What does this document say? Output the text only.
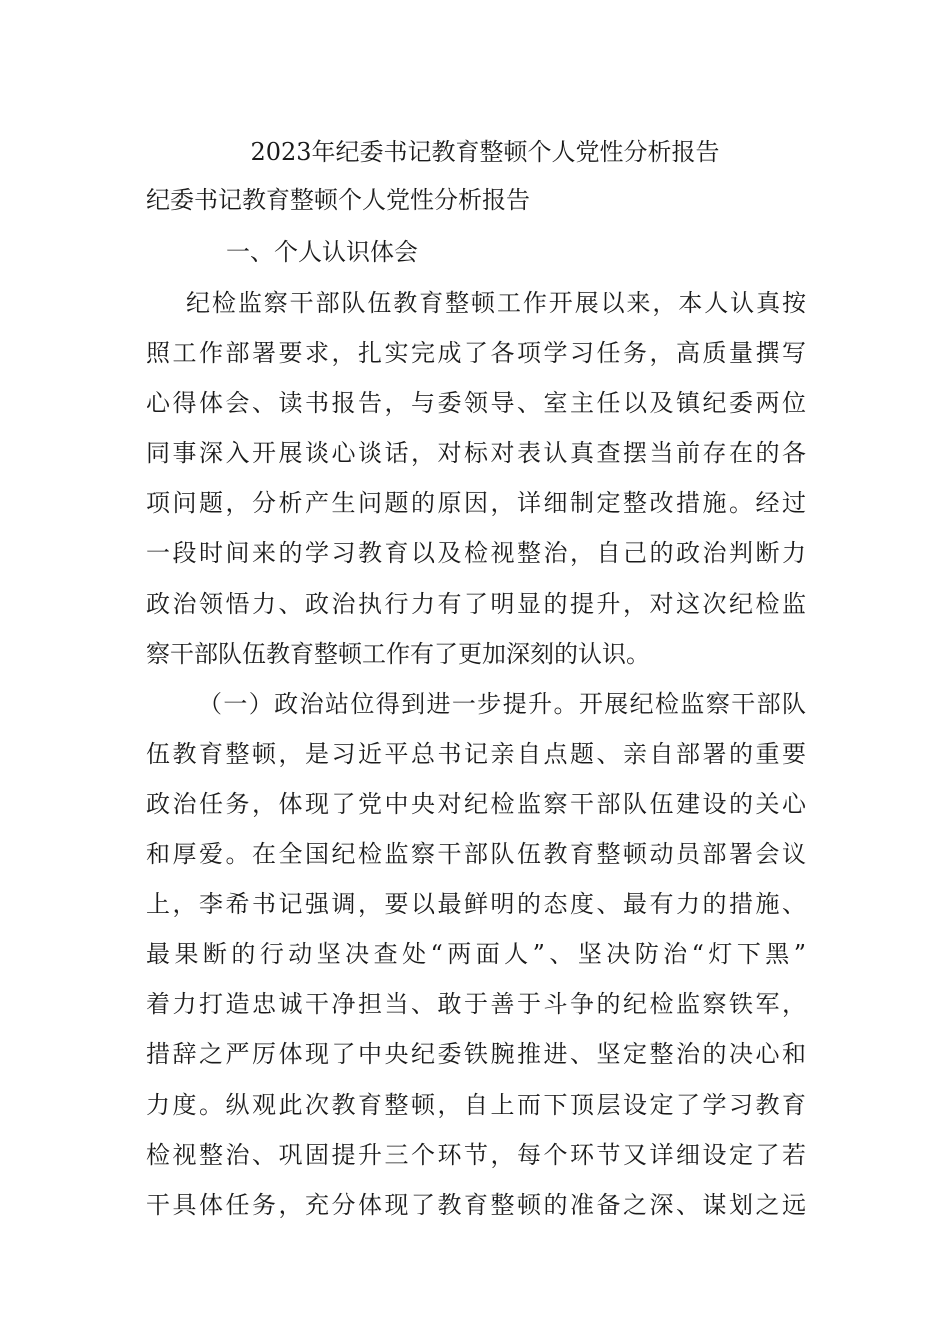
2023年纪委书记教育整顿个人党性分析报告
纪委书记教育整顿个人党性分析报告
一、个人认识体会
纪检监察干部队伍教育整顿工作开展以来，本人认真按
照工作部署要求，扎实完成了各项学习任务，高质量撰写
心得体会、读书报告，与委领导、室主任以及镇纪委两位
同事深入开展谈心谈话，对标对表认真查摆当前存在的各
项问题，分析产生问题的原因，详细制定整改措施。经过
一段时间来的学习教育以及检视整治，自己的政治判断力
政治领悟力、政治执行力有了明显的提升，对这次纪检监
察干部队伍教育整顿工作有了更加深刻的认识。
（一）政治站位得到进一步提升。开展纪检监察干部队
伍教育整顿，是习近平总书记亲自点题、亲自部署的重要
政治任务，体现了党中央对纪检监察干部队伍建设的关心
和厚爱。在全国纪检监察干部队伍教育整顿动员部署会议
上，李希书记强调，要以最鲜明的态度、最有力的措施、
最果断的行动坚决查处“两面人”、坚决防治“灯下黑”
着力打造忠诚干净担当、敢于善于斗争的纪检监察铁军，
措辞之严厉体现了中央纪委铁腕推进、坚定整治的决心和
力度。纵观此次教育整顿，自上而下顶层设定了学习教育
检视整治、巩固提升三个环节，每个环节又详细设定了若
干具体任务，充分体现了教育整顿的准备之深、谋划之远
